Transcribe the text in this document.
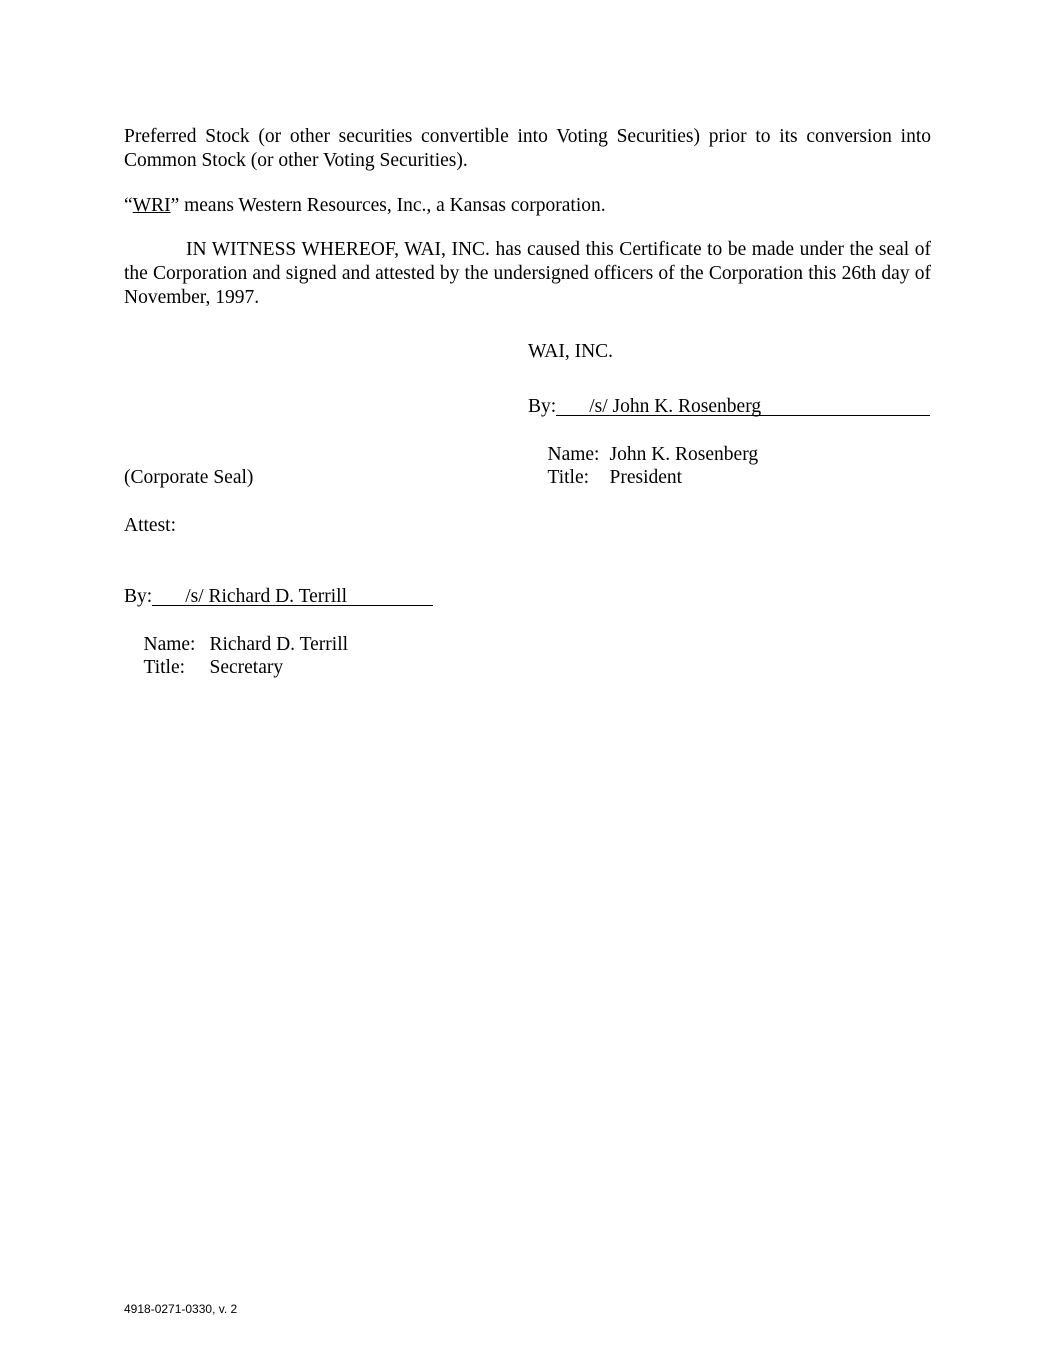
Preferred Stock (or other securities convertible into Voting Securities) prior to its conversion into Common Stock (or other Voting Securities).

“WRI” means Western Resources, Inc., a Kansas corporation.

IN WITNESS WHEREOF, WAI, INC. has caused this Certificate to be made under the seal of the Corporation and signed and attested by the undersigned officers of the Corporation this 26th day of November, 1997.

WAI, INC.
By:	/s/ John K. Rosenberg

Name: John K. Rosenberg

Title: President

(Corporate Seal)
Attest:
By:	/s/ Richard D. Terrill

Name: Richard D. Terrill

Title: Secretary

4918-0271-0330, v. 2
